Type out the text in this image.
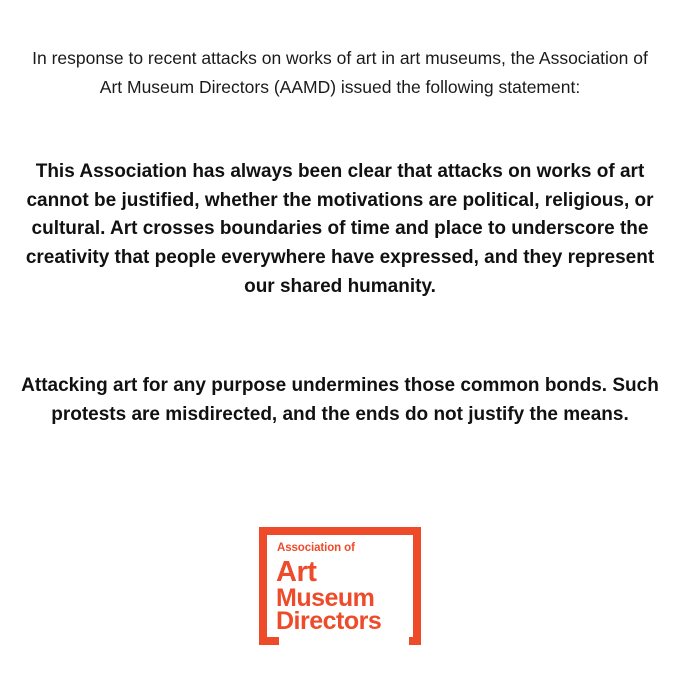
In response to recent attacks on works of art in art museums, the Association of Art Museum Directors (AAMD) issued the following statement:

This Association has always been clear that attacks on works of art cannot be justified, whether the motivations are political, religious, or cultural. Art crosses boundaries of time and place to underscore the creativity that people everywhere have expressed, and they represent our shared humanity.

Attacking art for any purpose undermines those common bonds. Such protests are misdirected, and the ends do not justify the means.

Association of
Art
Museum
Directors
